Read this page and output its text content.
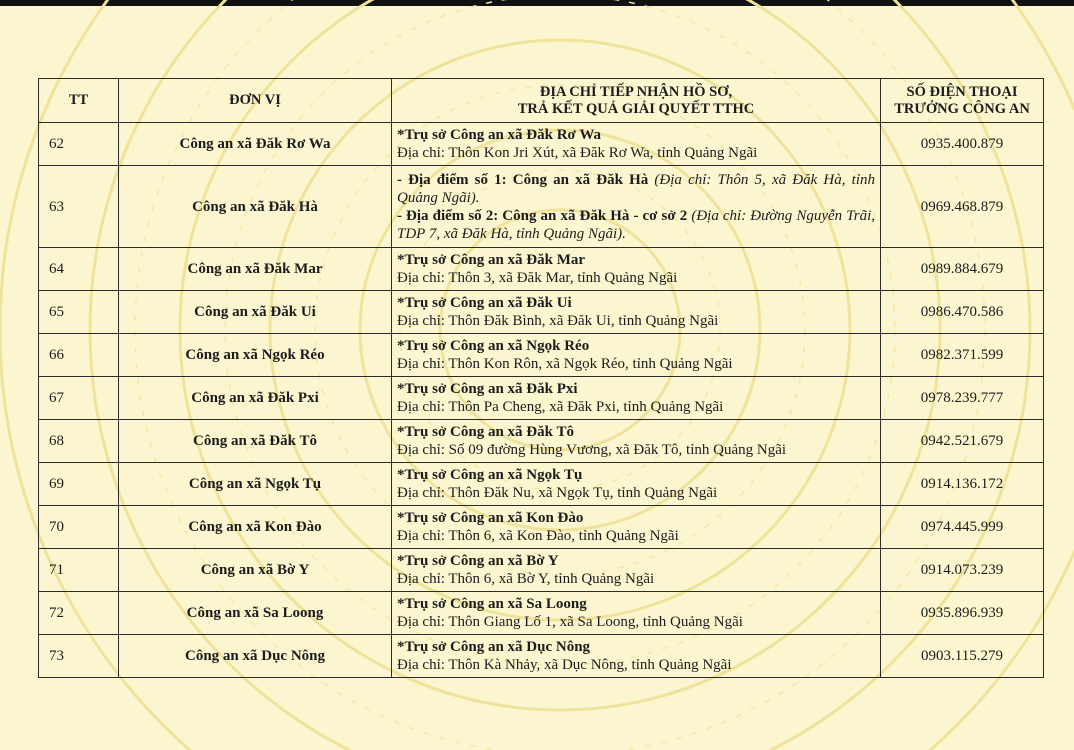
TT	ĐƠN VỊ	ĐỊA CHỈ TIẾP NHẬN HỒ SƠ,
TRẢ KẾT QUẢ GIẢI QUYẾT TTHC	SỐ ĐIỆN THOẠI
TRƯỞNG CÔNG AN

62	Công an xã Đăk Rơ Wa	*Trụ sở Công an xã Đăk Rơ Wa
Địa chỉ: Thôn Kon Jri Xút, xã Đăk Rơ Wa, tỉnh Quảng Ngãi	0935.400.879
63	Công an xã Đăk Hà	- Địa điểm số 1: Công an xã Đăk Hà (Địa chỉ: Thôn 5, xã Đăk Hà, tỉnh Quảng Ngãi).
- Địa điểm số 2: Công an xã Đăk Hà - cơ sở 2 (Địa chỉ: Đường Nguyễn Trãi, TDP 7, xã Đăk Hà, tỉnh Quảng Ngãi).	0969.468.879
64	Công an xã Đăk Mar	*Trụ sở Công an xã Đăk Mar
Địa chỉ: Thôn 3, xã Đăk Mar, tỉnh Quảng Ngãi	0989.884.679
65	Công an xã Đăk Ui	*Trụ sở Công an xã Đăk Ui
Địa chỉ: Thôn Đăk Bình, xã Đăk Ui, tỉnh Quảng Ngãi	0986.470.586
66	Công an xã Ngọk Réo	*Trụ sở Công an xã Ngọk Réo
Địa chỉ: Thôn Kon Rôn, xã Ngọk Réo, tỉnh Quảng Ngãi	0982.371.599
67	Công an xã Đăk Pxi	*Trụ sở Công an xã Đăk Pxi
Địa chỉ: Thôn Pa Cheng, xã Đăk Pxi, tỉnh Quảng Ngãi	0978.239.777
68	Công an xã Đăk Tô	*Trụ sở Công an xã Đăk Tô
Địa chỉ: Số 09 đường Hùng Vương, xã Đăk Tô, tỉnh Quảng Ngãi	0942.521.679
69	Công an xã Ngọk Tụ	*Trụ sở Công an xã Ngọk Tụ
Địa chỉ: Thôn Đăk Nu, xã Ngọk Tụ, tỉnh Quảng Ngãi	0914.136.172
70	Công an xã Kon Đào	*Trụ sở Công an xã Kon Đào
Địa chỉ: Thôn 6, xã Kon Đào, tỉnh Quảng Ngãi	0974.445.999
71	Công an xã Bờ Y	*Trụ sở Công an xã Bờ Y
Địa chỉ: Thôn 6, xã Bờ Y, tỉnh Quảng Ngãi	0914.073.239
72	Công an xã Sa Loong	*Trụ sở Công an xã Sa Loong
Địa chỉ: Thôn Giang Lố 1, xã Sa Loong, tỉnh Quảng Ngãi	0935.896.939
73	Công an xã Dục Nông	*Trụ sở Công an xã Dục Nông
Địa chỉ: Thôn Kà Nhảy, xã Dục Nông, tỉnh Quảng Ngãi	0903.115.279
